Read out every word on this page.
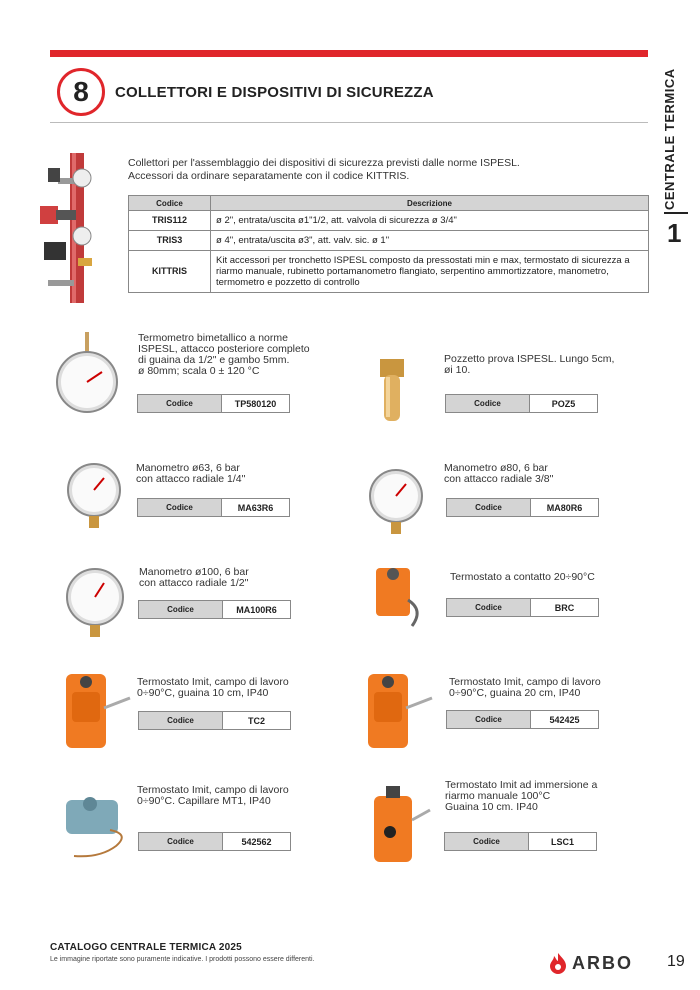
8 COLLETTORI E DISPOSITIVI DI SICUREZZA	CENTRALE TERMICA
1
Collettori per l'assemblaggio dei dispositivi di sicurezza previsti dalle norme ISPESL.
Accessori da ordinare separatamente con il codice KITTRIS.
Codice	Descrizione
TRIS112	ø 2", entrata/uscita ø1"1/2, att. valvola di sicurezza ø 3/4"
TRIS3	ø 4", entrata/uscita ø3", att. valv. sic. ø 1"
KITTRIS	Kit accessori per tronchetto ISPESL composto da pressostati min e max, termostato di sicurezza a riarmo manuale, rubinetto portamanometro flangiato, serpentino ammortizzatore, manometro, termometro e pozzetto di controllo
Termometro bimetallico a norme
ISPESL, attacco posteriore completo
di guaina da 1/2" e gambo 5mm.
ø 80mm; scala 0 ± 120 °C
Codice	TP580120
Pozzetto prova ISPESL. Lungo 5cm,
øi 10.
Codice	POZ5
Manometro ø63, 6 bar
con attacco radiale 1/4"
Codice	MA63R6
Manometro ø80, 6 bar
con attacco radiale 3/8"
Codice	MA80R6
Manometro ø100, 6 bar
con attacco radiale 1/2"
Codice	MA100R6
Termostato a contatto 20÷90°C
Codice	BRC
Termostato Imit, campo di lavoro
0÷90°C, guaina 10 cm, IP40
Codice	TC2
Termostato Imit, campo di lavoro
0÷90°C, guaina 20 cm, IP40
Codice	542425
Termostato Imit, campo di lavoro
0÷90°C. Capillare MT1, IP40
Codice	542562
Termostato Imit ad immersione a
riarmo manuale 100°C
Guaina 10 cm. IP40
Codice	LSC1
CATALOGO CENTRALE TERMICA 2025
Le immagine riportate sono puramente indicative. I prodotti possono essere differenti.	ARBO 19
